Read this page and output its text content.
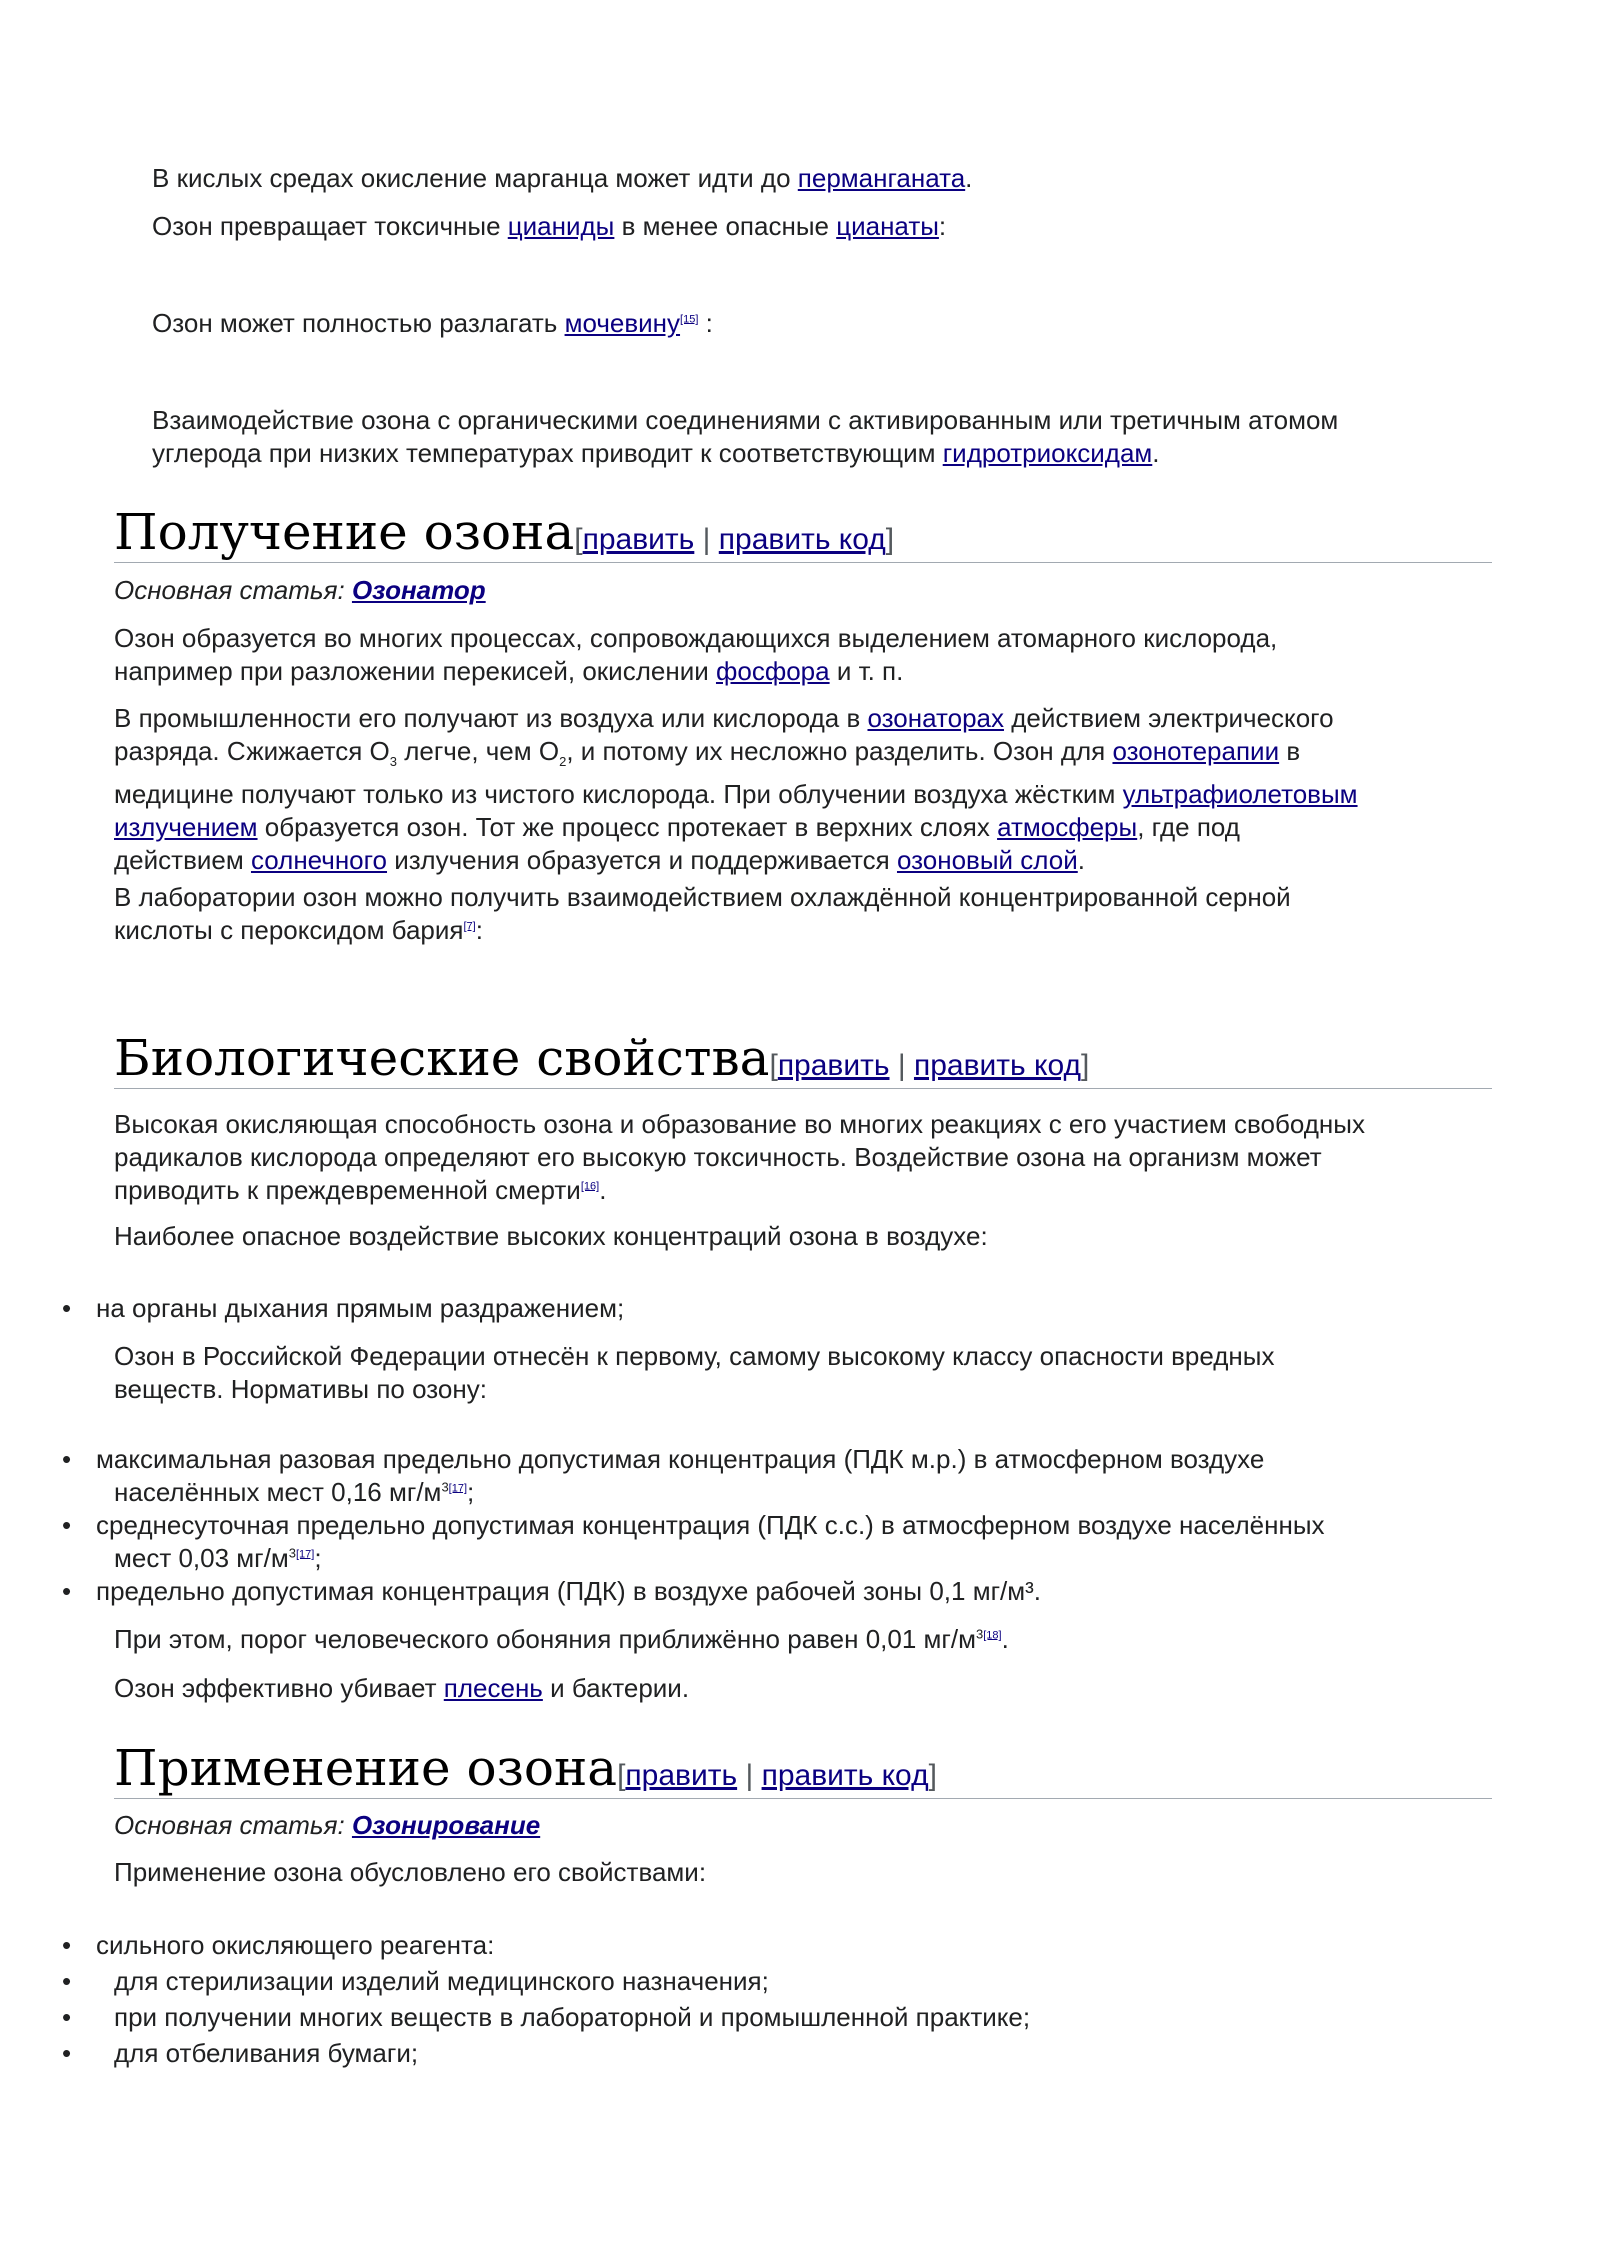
В кислых средах окисление марганца может идти до перманганата.

Озон превращает токсичные цианиды в менее опасные цианаты:

Озон может полностью разлагать мочевину[15] :

Взаимодействие озона с органическими соединениями с активированным или третичным атомом
углерода при низких температурах приводит к соответствующим гидротриоксидам.

Получение озона[править | править код]
Основная статья: Озонатор

Озон образуется во многих процессах, сопровождающихся выделением атомарного кислорода,
например при разложении перекисей, окислении фосфора и т. п.

В промышленности его получают из воздуха или кислорода в озонаторах действием электрического
разряда. Сжижается $O_3$ легче, чем $O_2$, и потому их несложно разделить. Озон для озонотерапии в
медицине получают только из чистого кислорода. При облучении воздуха жёстким ультрафиолетовым
излучением образуется озон. Тот же процесс протекает в верхних слоях атмосферы, где под
действием солнечного излучения образуется и поддерживается озоновый слой.

В лаборатории озон можно получить взаимодействием охлаждённой концентрированной серной
кислоты с пероксидом бария[7]:

Биологические свойства[править | править код]

Высокая окисляющая способность озона и образование во многих реакциях с его участием свободных
радикалов кислорода определяют его высокую токсичность. Воздействие озона на организм может
приводить к преждевременной смерти[16].

Наиболее опасное воздействие высоких концентраций озона в воздухе:

• на органы дыхания прямым раздражением;

Озон в Российской Федерации отнесён к первому, самому высокому классу опасности вредных
веществ. Нормативы по озону:

• максимальная разовая предельно допустимая концентрация (ПДК м.р.) в атмосферном воздухе
населённых мест 0,16 мг/м$^{3[17]}$;
• среднесуточная предельно допустимая концентрация (ПДК с.с.) в атмосферном воздухе населённых
мест 0,03 мг/м$^{3[17]}$;
• предельно допустимая концентрация (ПДК) в воздухе рабочей зоны 0,1 мг/м³.

При этом, порог человеческого обоняния приближённо равен 0,01 мг/м$^{3[18]}$.

Озон эффективно убивает плесень и бактерии.

Применение озона[править | править код]
Основная статья: Озонирование

Применение озона обусловлено его свойствами:

• сильного окисляющего реагента:
• для стерилизации изделий медицинского назначения;
• при получении многих веществ в лабораторной и промышленной практике;
• для отбеливания бумаги;
